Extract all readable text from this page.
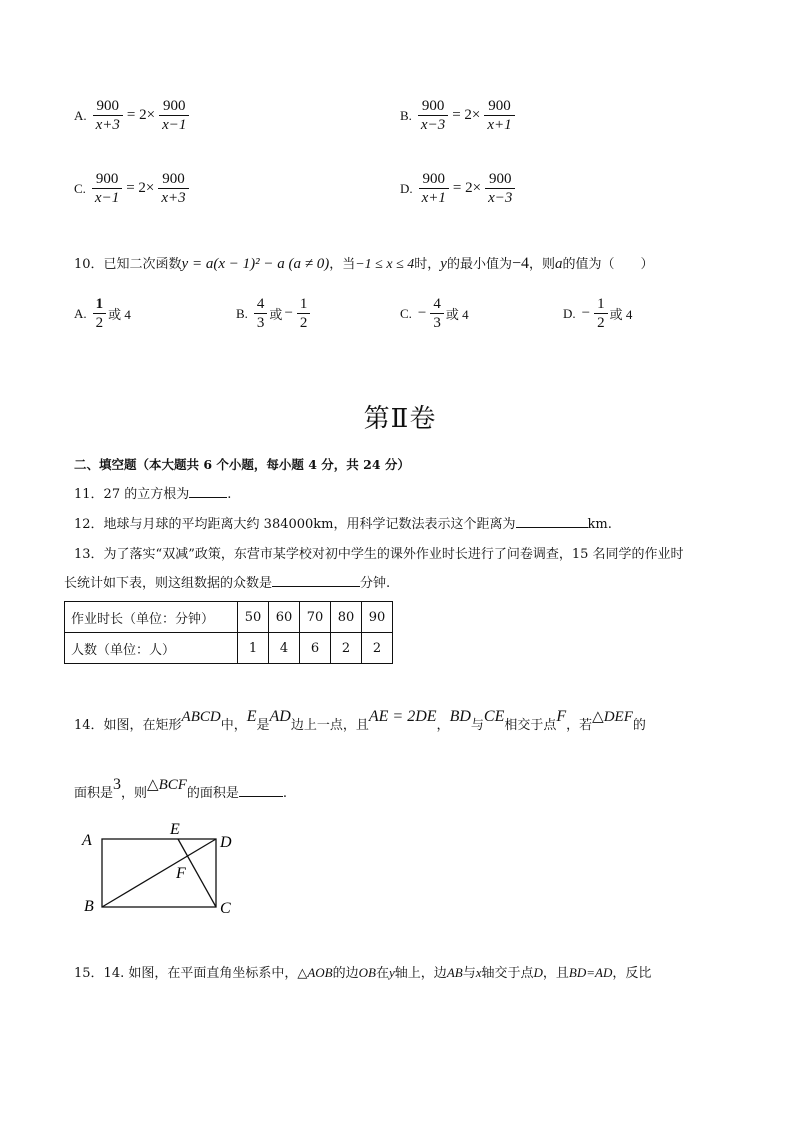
A. $\frac{900}{x+3} = 2\times \frac{900}{x-1}$	B. $\frac{900}{x-3} = 2\times \frac{900}{x+1}$
C. $\frac{900}{x-1} = 2\times \frac{900}{x+3}$	D. $\frac{900}{x+1} = 2\times \frac{900}{x-3}$
10．已知二次函数y = a(x − 1)² − a (a ≠ 0)，当−1 ≤ x ≤ 4时，y的最小值为−4，则a的值为（　　）
A. $\frac{1}{2}$ 或 4	B. $\frac{4}{3}$ 或 − $\frac{1}{2}$	C. − $\frac{4}{3}$ 或 4	D. − $\frac{1}{2}$ 或 4
第Ⅱ卷
二、填空题（本大题共 6 个小题，每小题 4 分，共 24 分）
11．27 的立方根为	.
12．地球与月球的平均距离大约 384000km，用科学记数法表示这个距离为	km.
13．为了落实“双减”政策，东营市某学校对初中学生的课外作业时长进行了问卷调查，15 名同学的作业时
长统计如下表，则这组数据的众数是	分钟.
作业时长（单位：分钟）	50	60	70	80	90
人数（单位：人）	1	4	6	2	2
14．如图，在矩形ABCD中，E是AD边上一点，且AE = 2DE，BD与CE相交于点F，若△DEF的
面积是3，则△BCF的面积是	.
A
B	C
D
E
F
15．14. 如图，在平面直角坐标系中，△AOB的边OB在y轴上，边AB与x轴交于点D，且BD=AD，反比
